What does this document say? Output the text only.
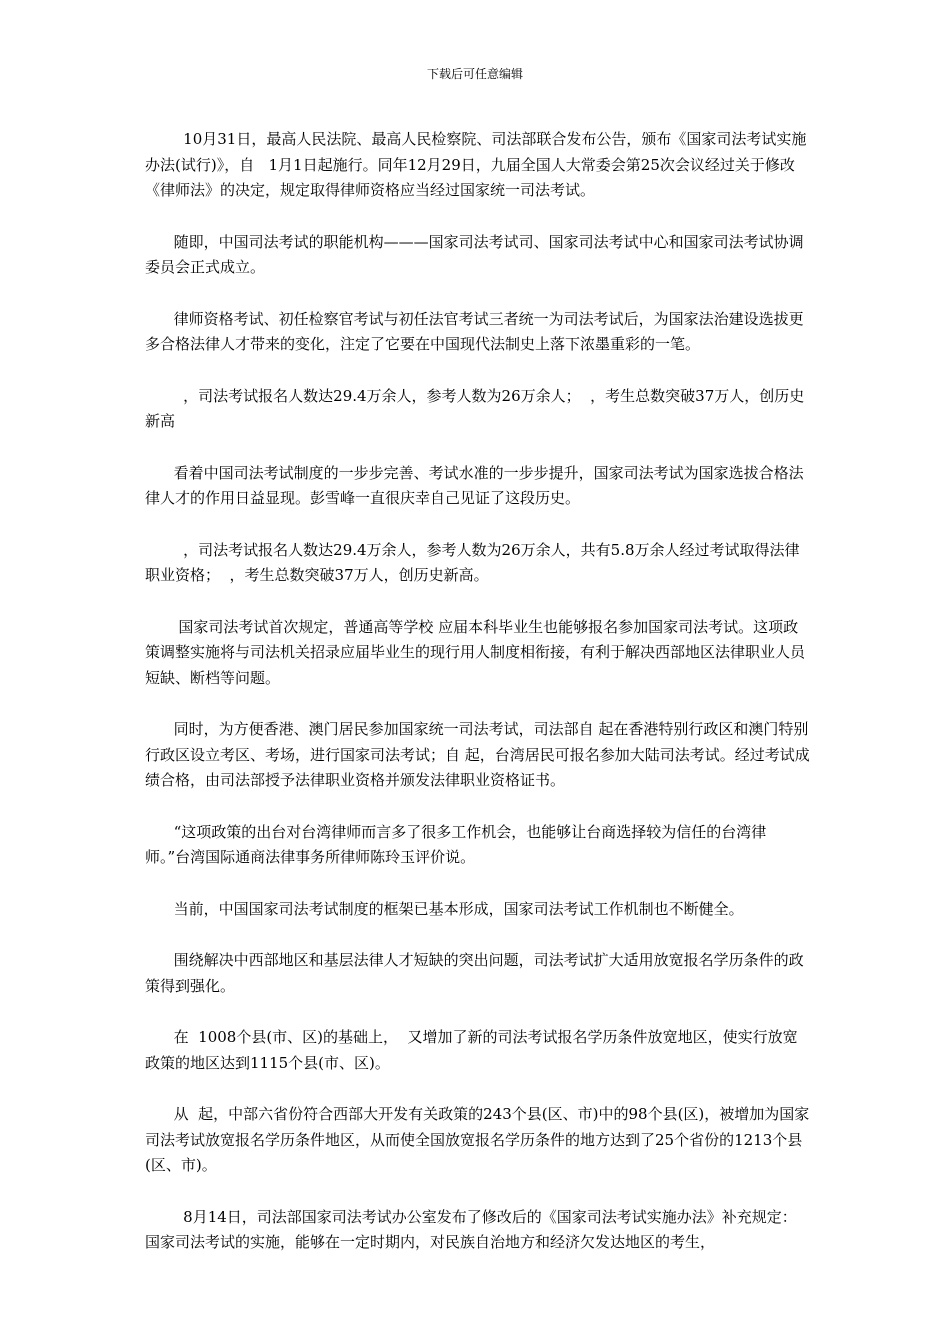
下载后可任意编辑

10月31日，最高人民法院、最高人民检察院、司法部联合发布公告，颁布《国家司法考试实施办法(试行)》，自   1月1日起施行。同年12月29日，九届全国人大常委会第25次会议经过关于修改《律师法》的决定，规定取得律师资格应当经过国家统一司法考试。

随即，中国司法考试的职能机构———国家司法考试司、国家司法考试中心和国家司法考试协调委员会正式成立。

律师资格考试、初任检察官考试与初任法官考试三者统一为司法考试后，为国家法治建设选拔更多合格法律人才带来的变化，注定了它要在中国现代法制史上落下浓墨重彩的一笔。

，司法考试报名人数达29.4万余人，参考人数为26万余人；  ，考生总数突破37万人，创历史新高

看着中国司法考试制度的一步步完善、考试水准的一步步提升，国家司法考试为国家选拔合格法律人才的作用日益显现。彭雪峰一直很庆幸自己见证了这段历史。

，司法考试报名人数达29.4万余人，参考人数为26万余人，共有5.8万余人经过考试取得法律职业资格；  ，考生总数突破37万人，创历史新高。

国家司法考试首次规定，普通高等学校 应届本科毕业生也能够报名参加国家司法考试。这项政策调整实施将与司法机关招录应届毕业生的现行用人制度相衔接，有利于解决西部地区法律职业人员短缺、断档等问题。

同时，为方便香港、澳门居民参加国家统一司法考试，司法部自 起在香港特别行政区和澳门特别行政区设立考区、考场，进行国家司法考试；自 起，台湾居民可报名参加大陆司法考试。经过考试成绩合格，由司法部授予法律职业资格并颁发法律职业资格证书。

“这项政策的出台对台湾律师而言多了很多工作机会，也能够让台商选择较为信任的台湾律师。”台湾国际通商法律事务所律师陈玲玉评价说。

当前，中国国家司法考试制度的框架已基本形成，国家司法考试工作机制也不断健全。

围绕解决中西部地区和基层法律人才短缺的突出问题，司法考试扩大适用放宽报名学历条件的政策得到强化。

在  1008个县(市、区)的基础上，  又增加了新的司法考试报名学历条件放宽地区，使实行放宽政策的地区达到1115个县(市、区)。

从  起，中部六省份符合西部大开发有关政策的243个县(区、市)中的98个县(区)，被增加为国家司法考试放宽报名学历条件地区，从而使全国放宽报名学历条件的地方达到了25个省份的1213个县(区、市)。

8月14日，司法部国家司法考试办公室发布了修改后的《国家司法考试实施办法》补充规定：国家司法考试的实施，能够在一定时期内，对民族自治地方和经济欠发达地区的考生，
